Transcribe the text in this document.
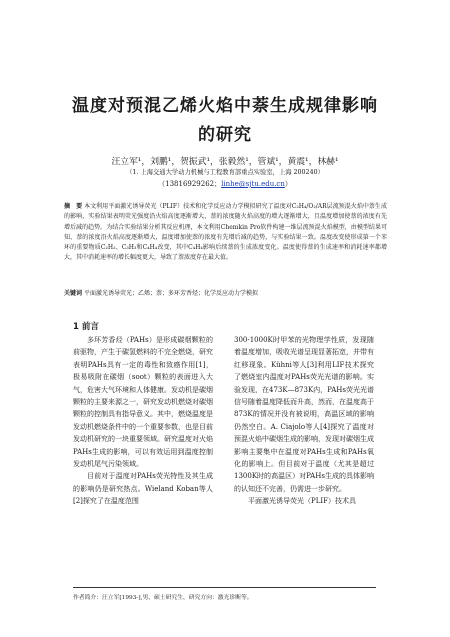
温度对预混乙烯火焰中萘生成规律影响
的研究
汪立军¹，刘鹏¹，贺振武¹，张毅然¹，管斌¹，黄震¹，林赫¹
（1. 上海交通大学动力机械与工程教育部重点实验室，上海 200240）
（13816929262；linhe@sjtu.edu.cn）
摘　要 本文利用平面激光诱导荧光（PLIF）技术和化学反应动力学模拟研究了温度对C₂H₄/O₂/AR层流预混火焰中萘生成的影响，实验结果表明荧光强度沿火焰高度逐渐增大，萘的浓度随火焰高度的增大逐渐增大，且温度增加使萘的浓度有先增后减的趋势。为结合实验结果分析其反应机理，本文利用Chemkin Pro软件构建一维层流预混火焰模型，由模型结果可知，萘的浓度沿火焰高度逐渐增大，温度增加使萘的浓度有先增后减的趋势，与实验结果一致。温度改变使形成第一个苯环的重要物质C₂H₂、C₃H₃和C₄H₄改变，其中C₄H₄影响后续萘的生成浓度变化。温度使得萘的生成速率和消耗速率都增大，其中消耗速率的增长幅度更大，导致了萘浓度存在最大值。
关键词 平面激光诱导荧光；乙烯；萘；多环芳香烃；化学反应动力学模拟
1 前言

多环芳香烃（PAHs）是形成碳烟颗粒的前驱物，产生于碳氢燃料的不完全燃烧，研究表明PAHs具有一定的毒性和致癌作用[1]，极易吸附在碳烟（soot）颗粒的表面进入大气，危害大气环境和人体健康。发动机是碳烟颗粒的主要来源之一，研究发动机燃烧对碳烟颗粒的控制具有指导意义。其中，燃烧温度是发动机燃烧条件中的一个重要参数，也是目前发动机研究的一块重要领域。研究温度对火焰PAHs生成的影响，可以有效运用到温度控制发动机尾气污染领域。

目前对于温度对PAHs荧光特性及其生成的影响仍是研究热点。Wieland Koban等人[2]探究了在温度范围

300-1000K时甲苯的光物理学性质，发现随着温度增加，吸收光谱呈现显著拓宽，并带有红移现象。Kühni等人[3]利用LIF技术探究了燃烧室内温度对PAHs荧光光谱的影响。实验发现，在473K—873K内，PAHs荧光光谱信号随着温度降低而升高，然而，在温度高于873K的情况并没有被说明，高温区域的影响仍然空白。A. Ciajolo等人[4]探究了温度对预混火焰中碳烟生成的影响，发现对碳烟生成影响主要集中在温度对PAHs生成和PAHs氧化的影响上。但目前对于温度（尤其是超过1300K时的高温区）对PAHs生成的具体影响的认知还不完善，仍需进一步研究。

平面激光诱导荧光（PLIF）技术具

作者简介：汪立军[1993-],男，硕士研究生，研究方向：激光诊断等。
